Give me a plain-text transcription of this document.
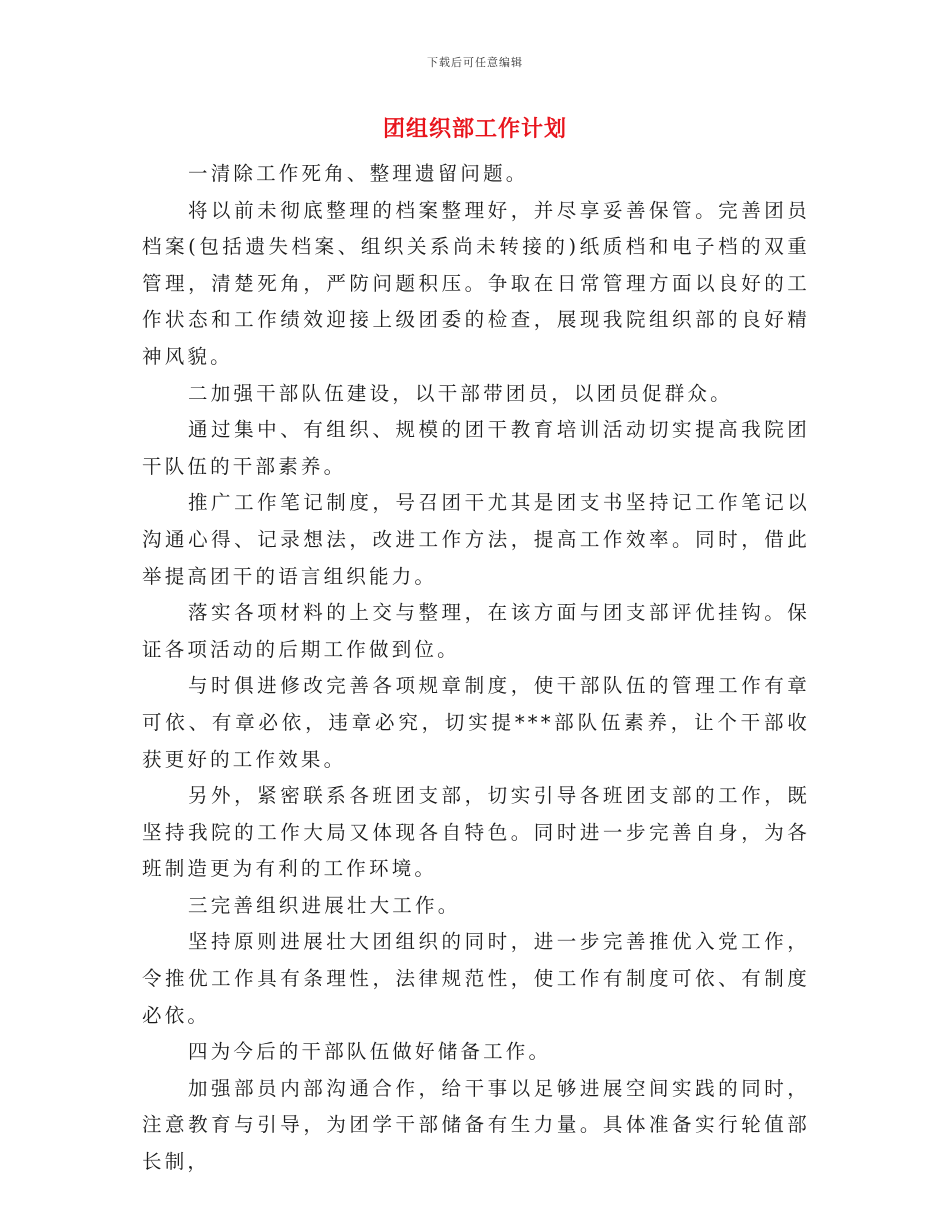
下载后可任意编辑
团组织部工作计划

一清除工作死角、整理遗留问题。

将以前未彻底整理的档案整理好，并尽享妥善保管。完善团员档案(包括遗失档案、组织关系尚未转接的)纸质档和电子档的双重管理，清楚死角，严防问题积压。争取在日常管理方面以良好的工作状态和工作绩效迎接上级团委的检查，展现我院组织部的良好精神风貌。

二加强干部队伍建设，以干部带团员，以团员促群众。

通过集中、有组织、规模的团干教育培训活动切实提高我院团干队伍的干部素养。

推广工作笔记制度，号召团干尤其是团支书坚持记工作笔记以沟通心得、记录想法，改进工作方法，提高工作效率。同时，借此举提高团干的语言组织能力。

落实各项材料的上交与整理，在该方面与团支部评优挂钩。保证各项活动的后期工作做到位。

与时俱进修改完善各项规章制度，使干部队伍的管理工作有章可依、有章必依，违章必究，切实提***部队伍素养，让个干部收获更好的工作效果。

另外，紧密联系各班团支部，切实引导各班团支部的工作，既坚持我院的工作大局又体现各自特色。同时进一步完善自身，为各班制造更为有利的工作环境。

三完善组织进展壮大工作。

坚持原则进展壮大团组织的同时，进一步完善推优入党工作，令推优工作具有条理性，法律规范性，使工作有制度可依、有制度必依。

四为今后的干部队伍做好储备工作。

加强部员内部沟通合作，给干事以足够进展空间实践的同时，注意教育与引导，为团学干部储备有生力量。具体准备实行轮值部长制，
